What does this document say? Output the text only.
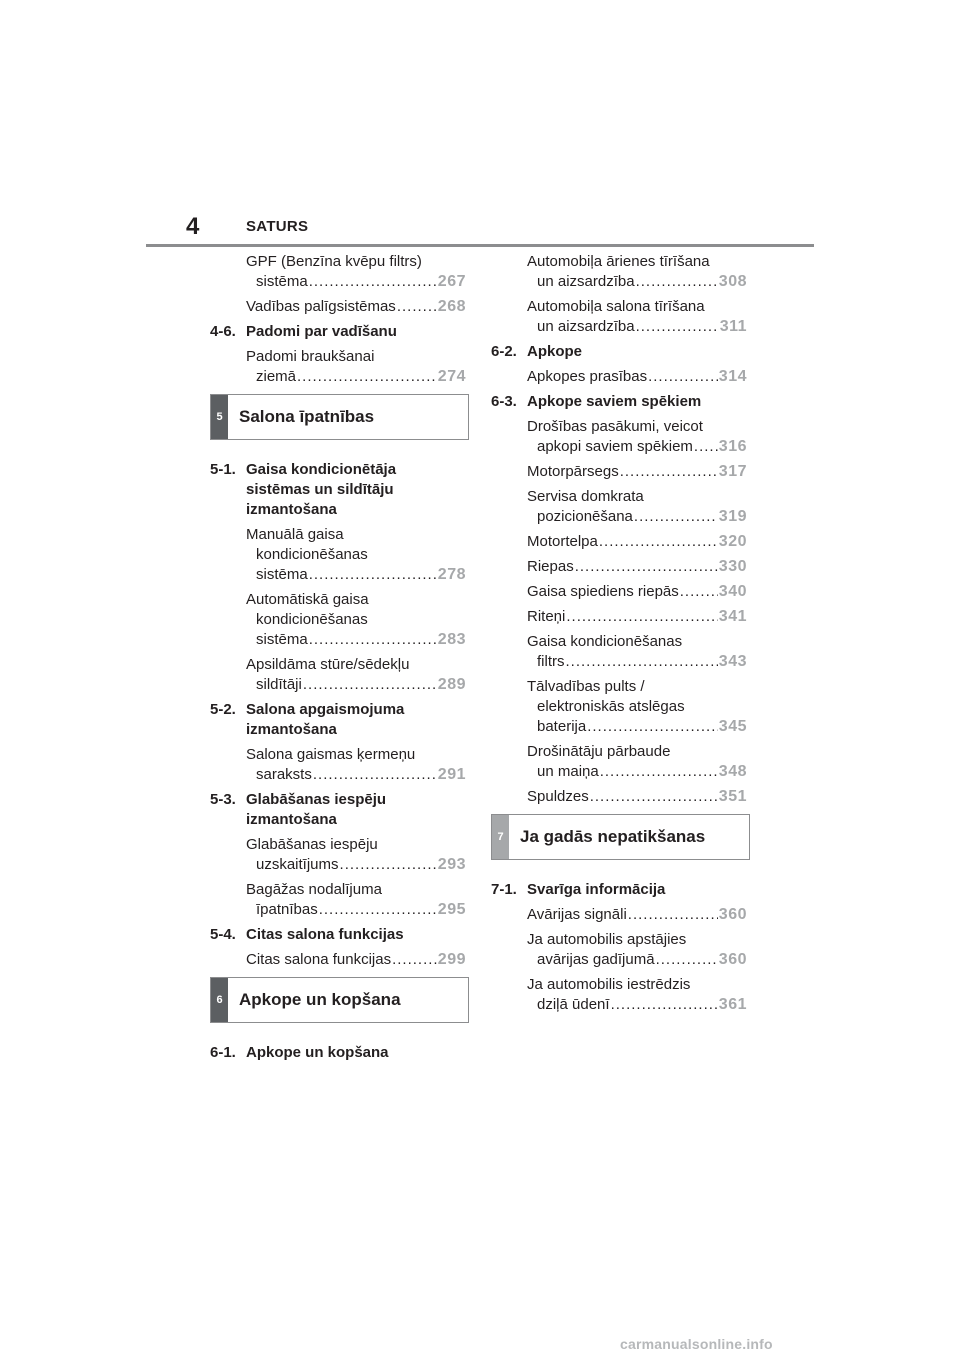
4	SATURS
GPF (Benzīna kvēpu filtrs)
sistēma .....	267
Vadības palīgsistēmas .....	268
4-6. Padomi par vadīšanu
Padomi braukšanai
ziemā .....	274
5 Salona īpatnības
5-1. Gaisa kondicionētāja
sistēmas un sildītāju
izmantošana
Manuālā gaisa
kondicionēšanas
sistēma .....	278
Automātiskā gaisa
kondicionēšanas
sistēma .....	283
Apsildāma stūre/sēdekļu
sildītāji .....	289
5-2. Salona apgaismojuma
izmantošana
Salona gaismas ķermeņu
saraksts .....	291
5-3. Glabāšanas iespēju
izmantošana
Glabāšanas iespēju
uzskaitījums .....	293
Bagāžas nodalījuma
īpatnības .....	295
5-4. Citas salona funkcijas
Citas salona funkcijas .....	299
6 Apkope un kopšana
6-1. Apkope un kopšana
Automobiļa ārienes tīrīšana
un aizsardzība .....	308
Automobiļa salona tīrīšana
un aizsardzība .....	311
6-2. Apkope
Apkopes prasības .....	314
6-3. Apkope saviem spēkiem
Drošības pasākumi, veicot
apkopi saviem spēkiem ..... 316
Motorpārsegs .....	317
Servisa domkrata
pozicionēšana .....	319
Motortelpa .....	320
Riepas .....	330
Gaisa spiediens riepās .....	340
Riteņi .....	341
Gaisa kondicionēšanas
filtrs .....	343
Tālvadības pults /
elektroniskās atslēgas
baterija .....	345
Drošinātāju pārbaude
un maiņa .....	348
Spuldzes .....	351
7 Ja gadās nepatikšanas
7-1. Svarīga informācija
Avārijas signāli .....	360
Ja automobilis apstājies
avārijas gadījumā .....	360
Ja automobilis iestrēdzis
dziļā ūdenī .....	361
carmanualsonline.info
